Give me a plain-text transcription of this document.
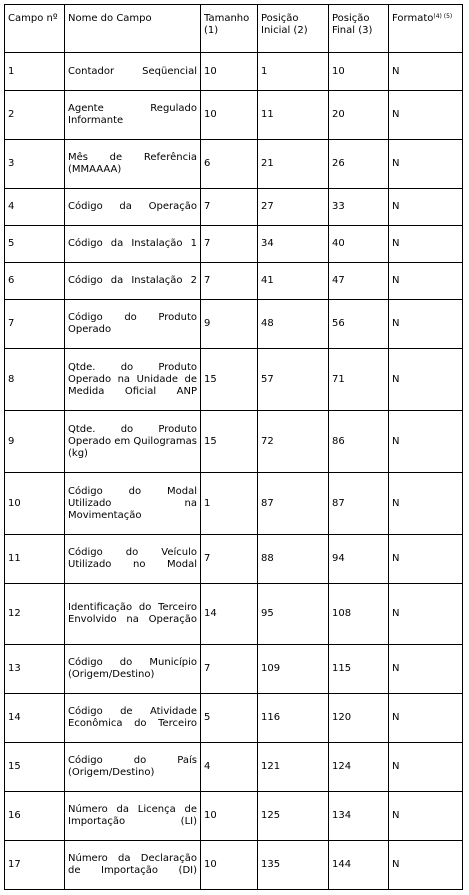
Campo nº	Nome do Campo	Tamanho (1)	Posição Inicial (2)	Posição Final (3)	Formato$^{(4) (5)}$
1	Contador Seqüencial	10	1	10	N
2	Agente Regulado Informante	10	11	20	N
3	Mês de Referência (MMAAAA)	6	21	26	N
4	Código da Operação	7	27	33	N
5	Código da Instalação 1	7	34	40	N
6	Código da Instalação 2	7	41	47	N
7	Código do Produto Operado	9	48	56	N
8	Qtde. do Produto Operado na Unidade de Medida Oficial ANP	15	57	71	N
9	Qtde. do Produto Operado em Quilogramas (kg)	15	72	86	N
10	Código do Modal Utilizado na Movimentação	1	87	87	N
11	Código do Veículo Utilizado no Modal	7	88	94	N
12	Identificação do Terceiro Envolvido na Operação	14	95	108	N
13	Código do Município (Origem/Destino)	7	109	115	N
14	Código de Atividade Econômica do Terceiro	5	116	120	N
15	Código do País (Origem/Destino)	4	121	124	N
16	Número da Licença de Importação (LI)	10	125	134	N
17	Número da Declaração de Importação (DI)	10	135	144	N
